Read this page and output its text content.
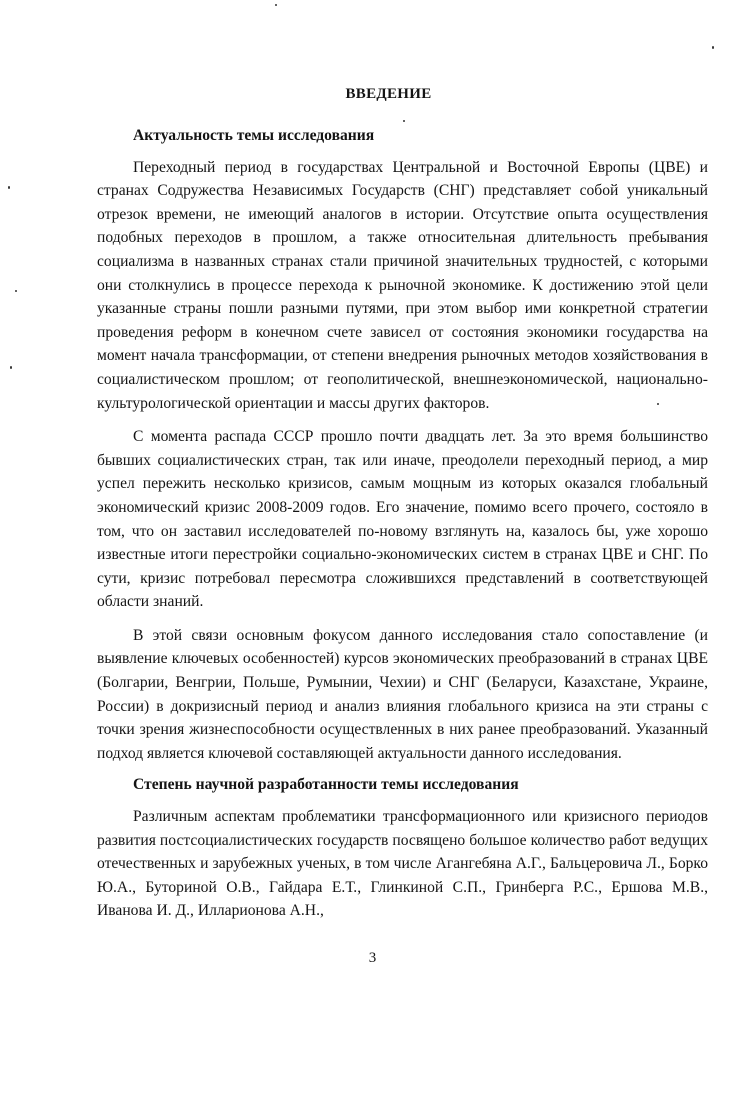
ВВЕДЕНИЕ

Актуальность темы исследования

Переходный период в государствах Центральной и Восточной Европы (ЦВЕ) и странах Содружества Независимых Государств (СНГ) представляет собой уникальный отрезок времени, не имеющий аналогов в истории. Отсутствие опыта осуществления подобных переходов в прошлом, а также относительная длительность пребывания социализма в названных странах стали причиной значительных трудностей, с которыми они столкнулись в процессе перехода к рыночной экономике. К достижению этой цели указанные страны пошли разными путями, при этом выбор ими конкретной стратегии проведения реформ в конечном счете зависел от состояния экономики государства на момент начала трансформации, от степени внедрения рыночных методов хозяйствования в социалистическом прошлом; от геополитической, внешнеэкономической, национально-культурологической ориентации и массы других факторов.

С момента распада СССР прошло почти двадцать лет. За это время большинство бывших социалистических стран, так или иначе, преодолели переходный период, а мир успел пережить несколько кризисов, самым мощным из которых оказался глобальный экономический кризис 2008-2009 годов. Его значение, помимо всего прочего, состояло в том, что он заставил исследователей по-новому взглянуть на, казалось бы, уже хорошо известные итоги перестройки социально-экономических систем в странах ЦВЕ и СНГ. По сути, кризис потребовал пересмотра сложившихся представлений в соответствующей области знаний.

В этой связи основным фокусом данного исследования стало сопоставление (и выявление ключевых особенностей) курсов экономических преобразований в странах ЦВЕ (Болгарии, Венгрии, Польше, Румынии, Чехии) и СНГ (Беларуси, Казахстане, Украине, России) в докризисный период и анализ влияния глобального кризиса на эти страны с точки зрения жизнеспособности осуществленных в них ранее преобразований. Указанный подход является ключевой составляющей актуальности данного исследования.

Степень научной разработанности темы исследования

Различным аспектам проблематики трансформационного или кризисного периодов развития постсоциалистических государств посвящено большое количество работ ведущих отечественных и зарубежных ученых, в том числе Агангебяна А.Г., Бальцеровича Л., Борко Ю.А., Буториной О.В., Гайдара Е.Т., Глинкиной С.П., Гринберга Р.С., Ершова М.В., Иванова И. Д., Илларионова А.Н.,

3
